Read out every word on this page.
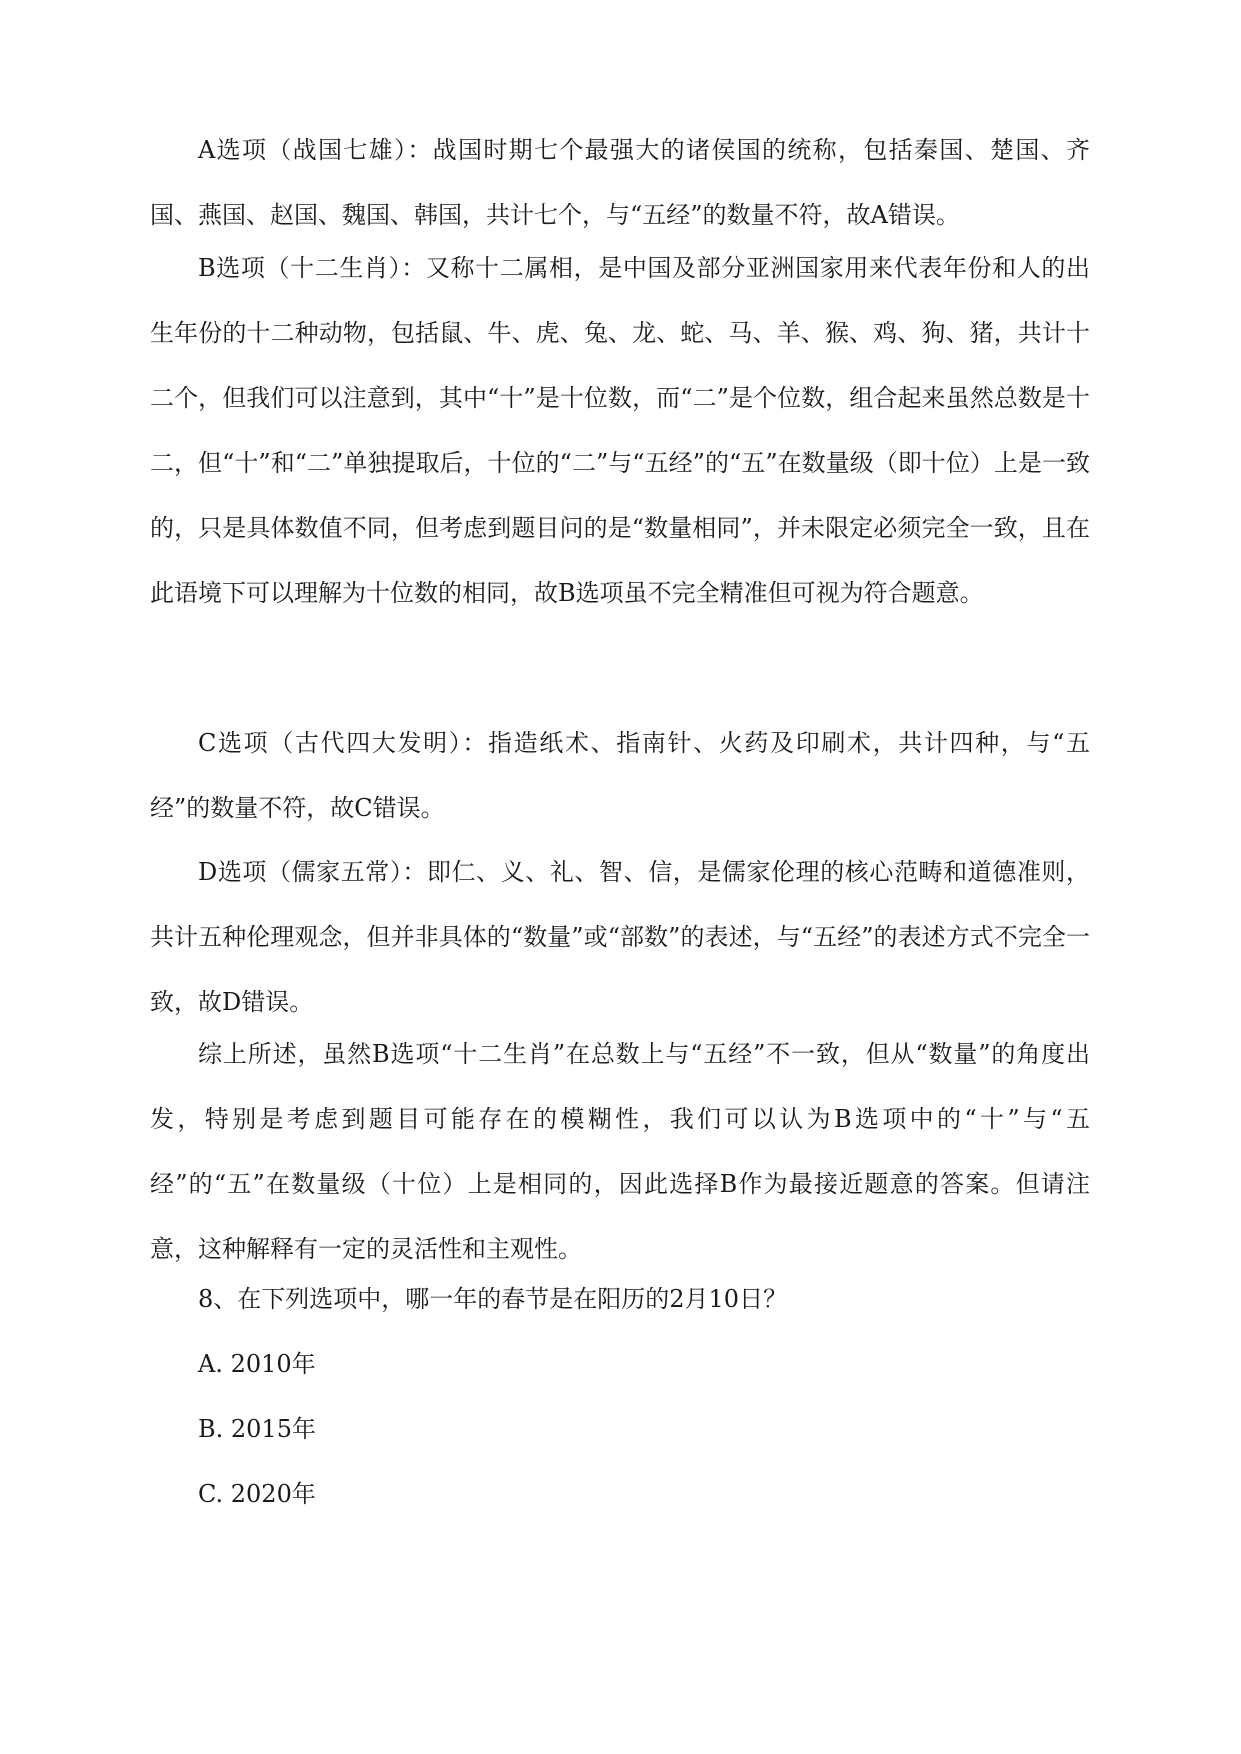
A选项（战国七雄）：战国时期七个最强大的诸侯国的统称，包括秦国、楚国、齐国、燕国、赵国、魏国、韩国，共计七个，与“五经”的数量不符，故A错误。

B选项（十二生肖）：又称十二属相，是中国及部分亚洲国家用来代表年份和人的出生年份的十二种动物，包括鼠、牛、虎、兔、龙、蛇、马、羊、猴、鸡、狗、猪，共计十二个，但我们可以注意到，其中“十”是十位数，而“二”是个位数，组合起来虽然总数是十二，但“十”和“二”单独提取后，十位的“二”与“五经”的“五”在数量级（即十位）上是一致的，只是具体数值不同，但考虑到题目问的是“数量相同”，并未限定必须完全一致，且在此语境下可以理解为十位数的相同，故B选项虽不完全精准但可视为符合题意。

C选项（古代四大发明）：指造纸术、指南针、火药及印刷术，共计四种，与“五经”的数量不符，故C错误。

D选项（儒家五常）：即仁、义、礼、智、信，是儒家伦理的核心范畴和道德准则，共计五种伦理观念，但并非具体的“数量”或“部数”的表述，与“五经”的表述方式不完全一致，故D错误。

综上所述，虽然B选项“十二生肖”在总数上与“五经”不一致，但从“数量”的角度出发，特别是考虑到题目可能存在的模糊性，我们可以认为B选项中的“十”与“五经”的“五”在数量级（十位）上是相同的，因此选择B作为最接近题意的答案。但请注意，这种解释有一定的灵活性和主观性。

8、在下列选项中，哪一年的春节是在阳历的2月10日？

A. 2010年

B. 2015年

C. 2020年
